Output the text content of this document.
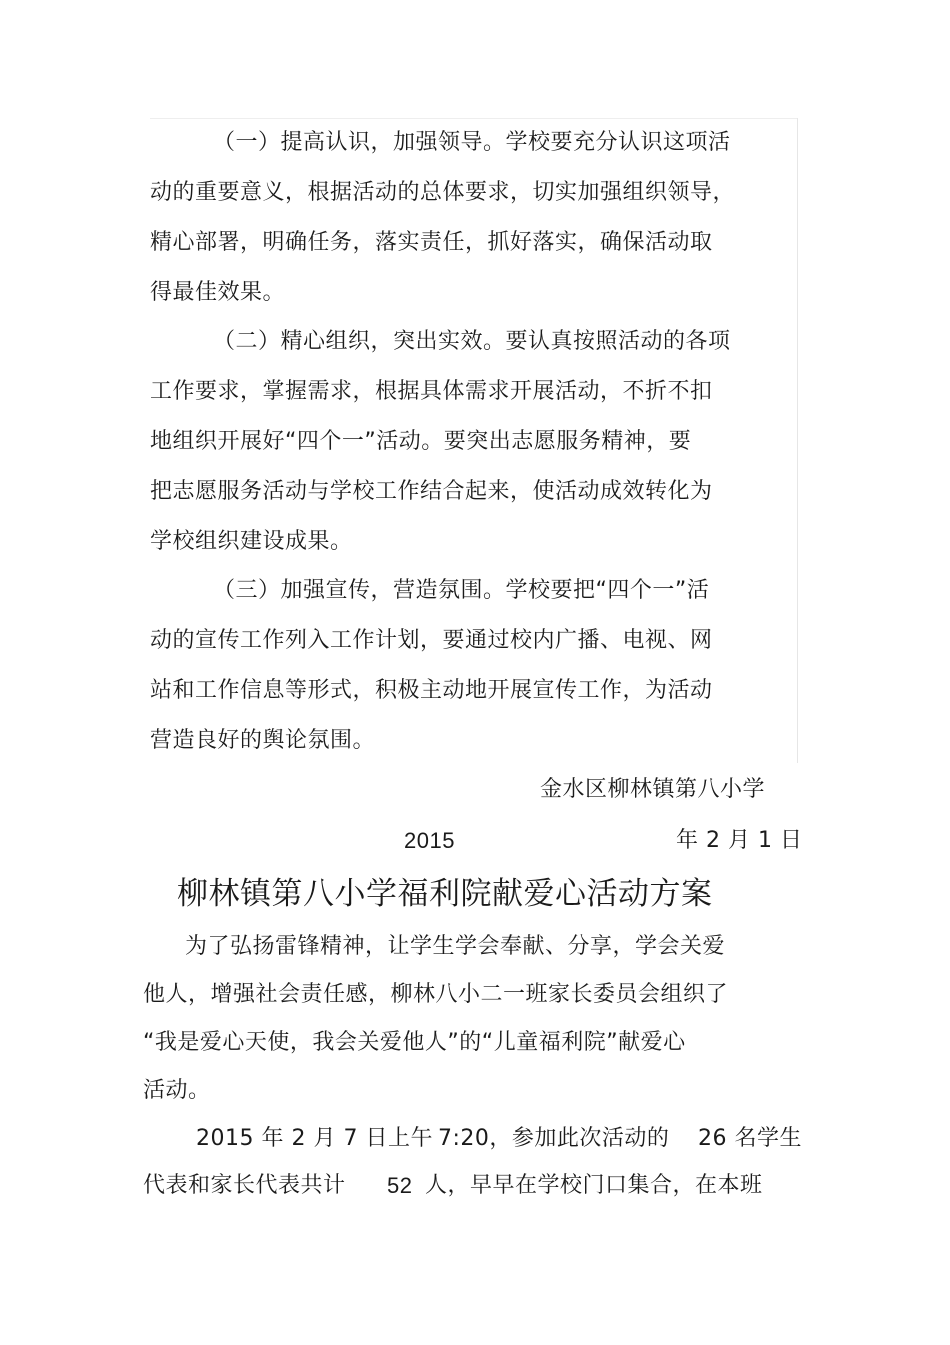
（一）提高认识，加强领导。学校要充分认识这项活
动的重要意义，根据活动的总体要求，切实加强组织领导，
精心部署，明确任务，落实责任，抓好落实，确保活动取
得最佳效果。
（二）精心组织，突出实效。要认真按照活动的各项
工作要求，掌握需求，根据具体需求开展活动，不折不扣
地组织开展好“四个一”活动。要突出志愿服务精神，要
把志愿服务活动与学校工作结合起来，使活动成效转化为
学校组织建设成果。
（三）加强宣传，营造氛围。学校要把“四个一”活
动的宣传工作列入工作计划，要通过校内广播、电视、网
站和工作信息等形式，积极主动地开展宣传工作，为活动
营造良好的舆论氛围。
金水区柳林镇第八小学
2015	年 2 月 1 日
柳林镇第八小学福利院献爱心活动方案
为了弘扬雷锋精神，让学生学会奉献、分享，学会关爱
他人，增强社会责任感，柳林八小二一班家长委员会组织了
“我是爱心天使，我会关爱他人”的“儿童福利院”献爱心
活动。
2015 年 2 月 7 日上午 7:20，参加此次活动的 26 名学生
代表和家长代表共计 52 人，早早在学校门口集合，在本班
